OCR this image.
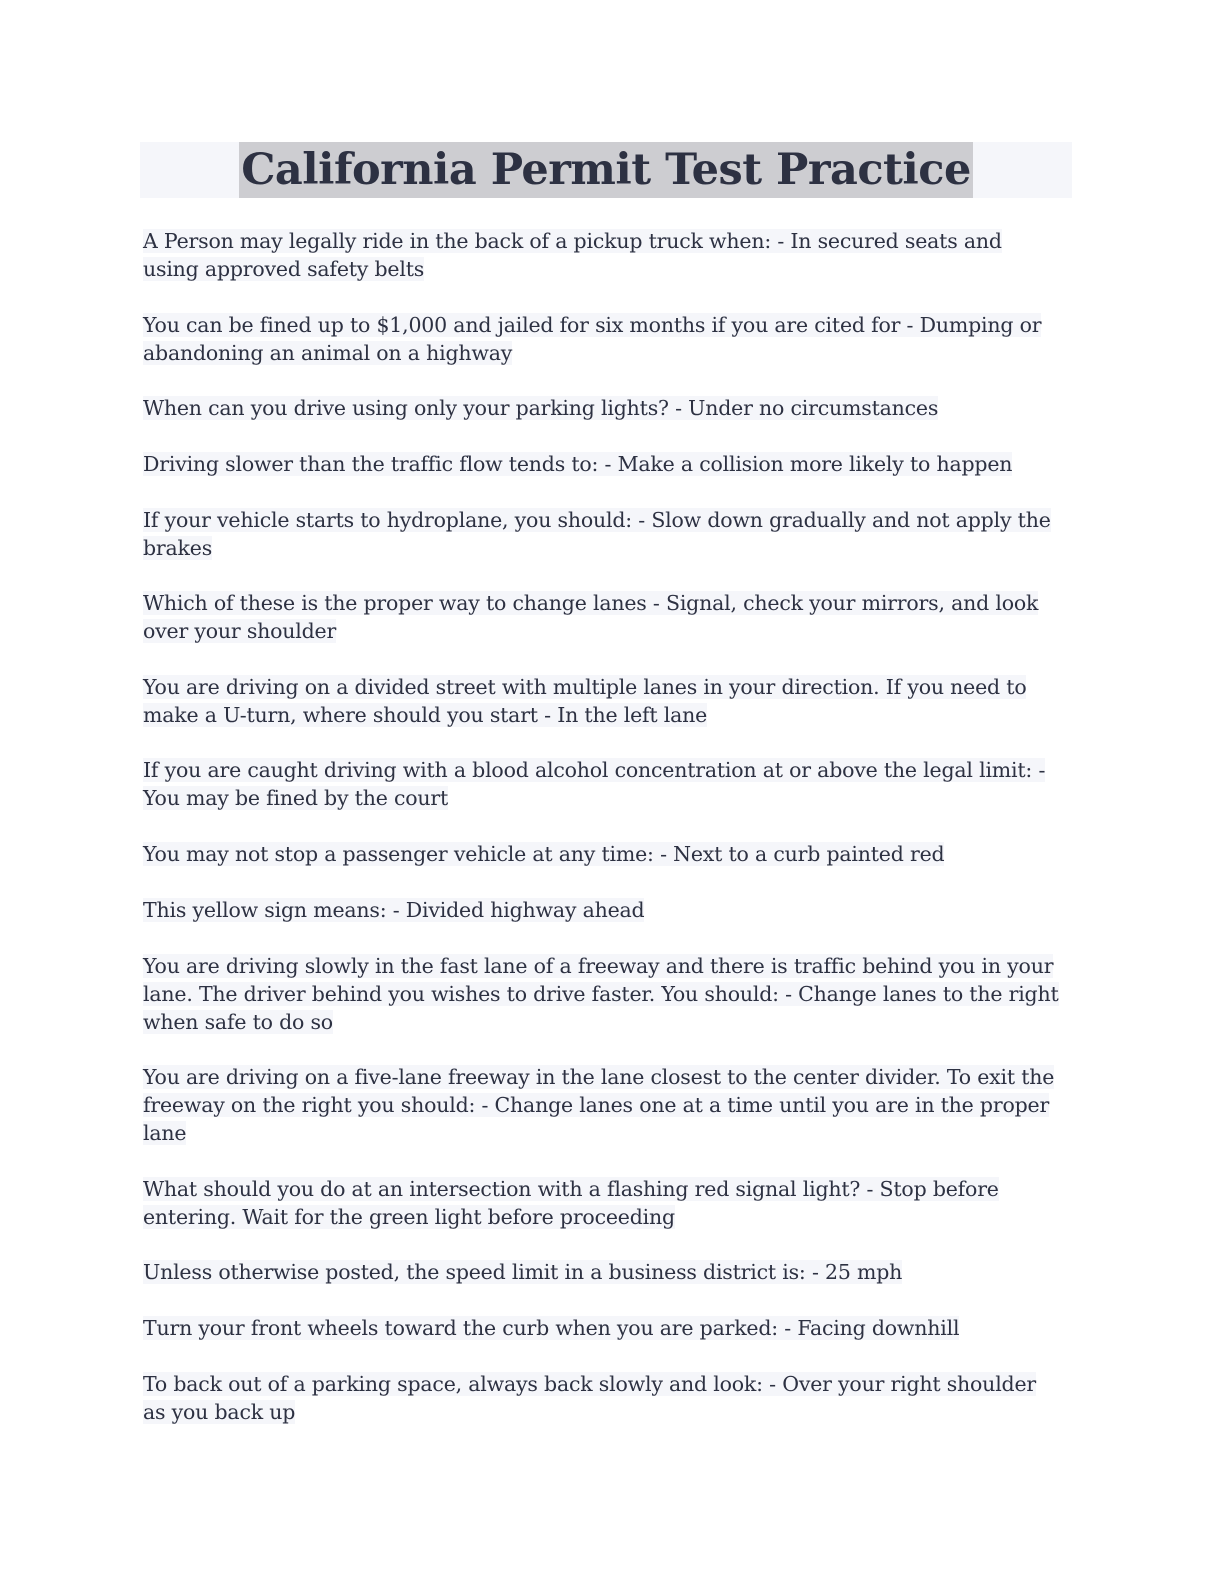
California Permit Test Practice

A Person may legally ride in the back of a pickup truck when: - In secured seats and using approved safety belts

You can be fined up to $1,000 and jailed for six months if you are cited for - Dumping or abandoning an animal on a highway

When can you drive using only your parking lights? - Under no circumstances

Driving slower than the traffic flow tends to: - Make a collision more likely to happen

If your vehicle starts to hydroplane, you should: - Slow down gradually and not apply the brakes

Which of these is the proper way to change lanes - Signal, check your mirrors, and look over your shoulder

You are driving on a divided street with multiple lanes in your direction. If you need to make a U-turn, where should you start - In the left lane

If you are caught driving with a blood alcohol concentration at or above the legal limit: - You may be fined by the court

You may not stop a passenger vehicle at any time: - Next to a curb painted red

This yellow sign means: - Divided highway ahead

You are driving slowly in the fast lane of a freeway and there is traffic behind you in your lane. The driver behind you wishes to drive faster. You should: - Change lanes to the right when safe to do so

You are driving on a five-lane freeway in the lane closest to the center divider. To exit the freeway on the right you should: - Change lanes one at a time until you are in the proper lane

What should you do at an intersection with a flashing red signal light? - Stop before entering. Wait for the green light before proceeding

Unless otherwise posted, the speed limit in a business district is: - 25 mph

Turn your front wheels toward the curb when you are parked: - Facing downhill

To back out of a parking space, always back slowly and look: - Over your right shoulder as you back up
